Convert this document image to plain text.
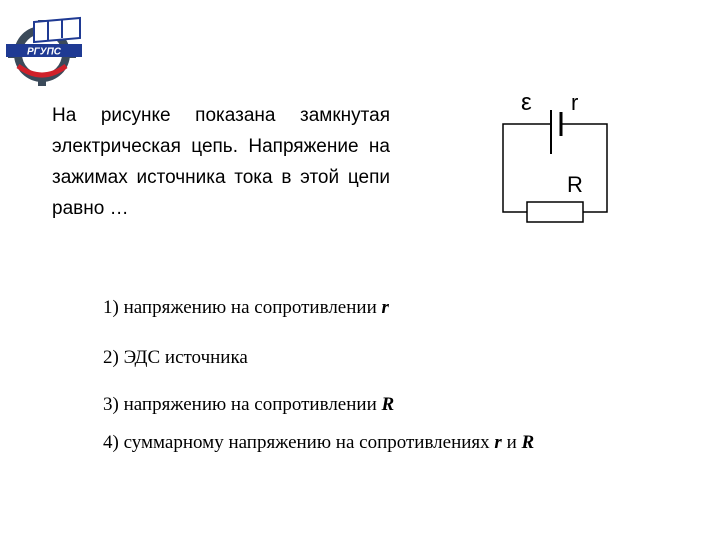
РГУПС

На рисунке показана замкнутая электрическая цепь. Напряжение на зажимах источника тока в этой цепи равно …

ε r
R
1) напряжению на сопротивлении r
2) ЭДС источника
3) напряжению на сопротивлении R
4) суммарному напряжению на сопротивлениях r и R
